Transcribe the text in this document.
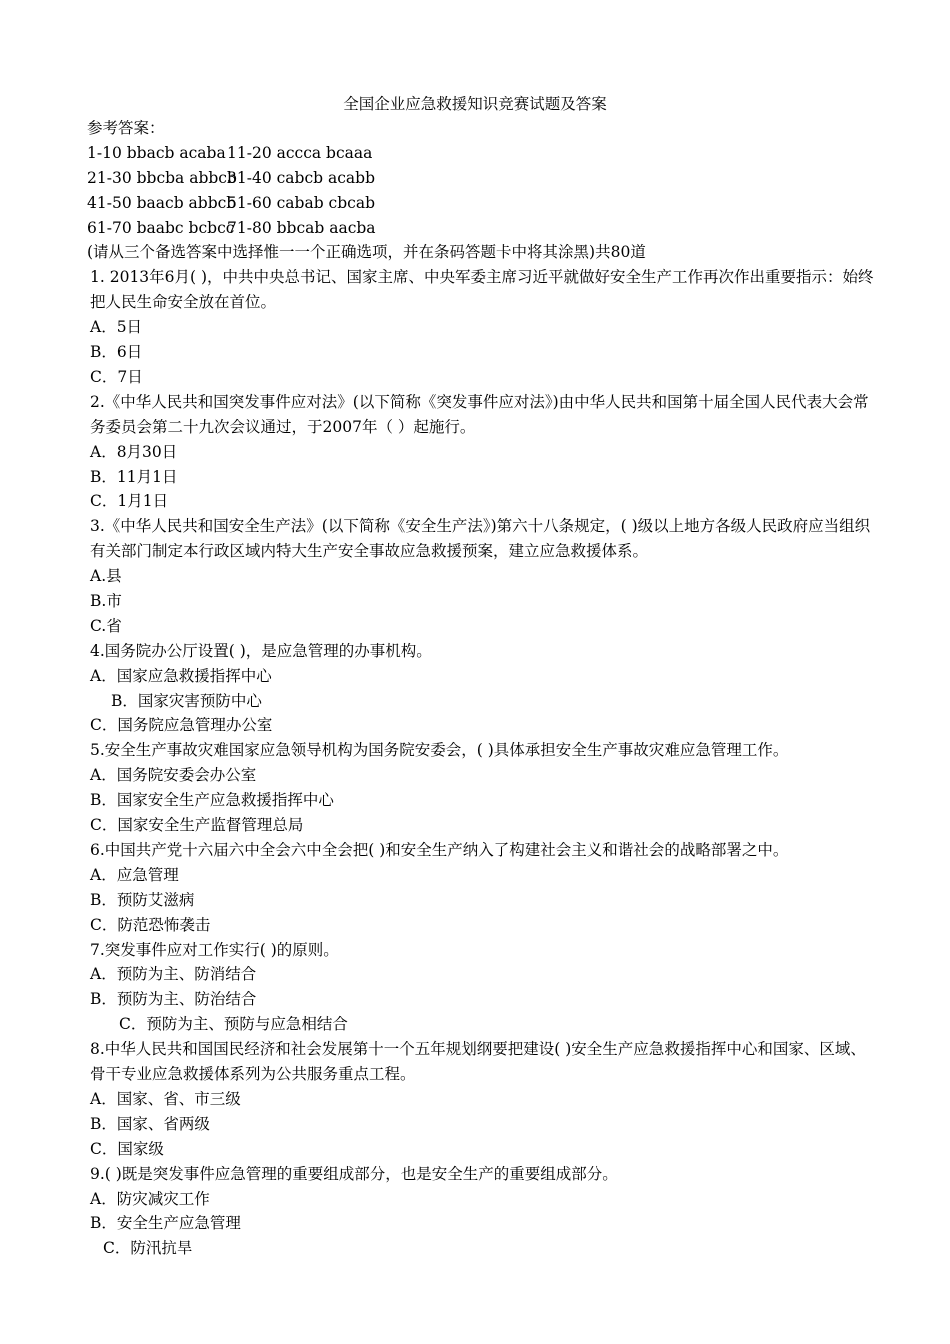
全国企业应急救援知识竞赛试题及答案
参考答案：
1-10 bbacb acaba11-20 accca bcaaa
21-30 bbcba abbcb31-40 cabcb acabb
41-50 baacb abbcb51-60 cabab cbcab
61-70 baabc bcbcc71-80 bbcab aacba
(请从三个备选答案中选择惟一一个正确选项，并在条码答题卡中将其涂黑)共80道
1. 2013年6月( )，中共中央总书记、国家主席、中央军委主席习近平就做好安全生产工作再次作出重要指示：始终把人民生命安全放在首位。
A．5日
B．6日
C．7日
2.《中华人民共和国突发事件应对法》(以下简称《突发事件应对法》)由中华人民共和国第十届全国人民代表大会常务委员会第二十九次会议通过，于2007年（ ）起施行。
A．8月30日
B．11月1日
C．1月1日
3.《中华人民共和国安全生产法》(以下简称《安全生产法》)第六十八条规定，( )级以上地方各级人民政府应当组织有关部门制定本行政区域内特大生产安全事故应急救援预案，建立应急救援体系。
A.县
B.市
C.省
4.国务院办公厅设置( )，是应急管理的办事机构。
A．国家应急救援指挥中心
B．国家灾害预防中心
C．国务院应急管理办公室
5.安全生产事故灾难国家应急领导机构为国务院安委会，( )具体承担安全生产事故灾难应急管理工作。
A．国务院安委会办公室
B．国家安全生产应急救援指挥中心
C．国家安全生产监督管理总局
6.中国共产党十六届六中全会六中全会把( )和安全生产纳入了构建社会主义和谐社会的战略部署之中。
A．应急管理
B．预防艾滋病
C．防范恐怖袭击
7.突发事件应对工作实行( )的原则。
A．预防为主、防消结合
B．预防为主、防治结合
C．预防为主、预防与应急相结合
8.中华人民共和国国民经济和社会发展第十一个五年规划纲要把建设( )安全生产应急救援指挥中心和国家、区域、骨干专业应急救援体系列为公共服务重点工程。
A．国家、省、市三级
B．国家、省两级
C．国家级
9.( )既是突发事件应急管理的重要组成部分，也是安全生产的重要组成部分。
A．防灾减灾工作
B．安全生产应急管理
C．防汛抗旱
